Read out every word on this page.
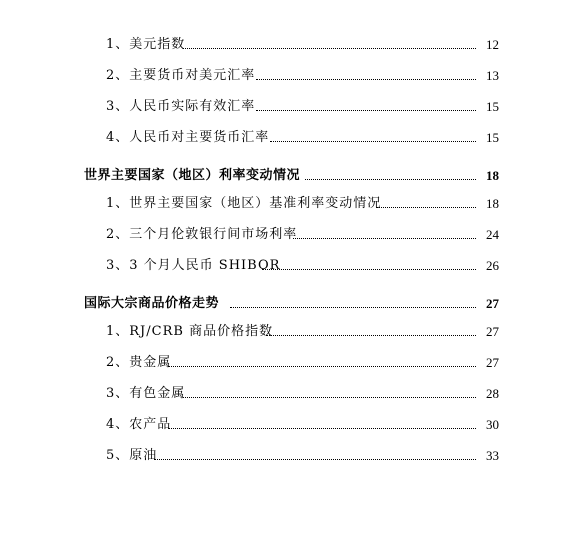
1、美元指数	12
2、主要货币对美元汇率	13
3、人民币实际有效汇率	15
4、人民币对主要货币汇率	15
世界主要国家（地区）利率变动情况	18
1、世界主要国家（地区）基准利率变动情况	18
2、三个月伦敦银行间市场利率	24
3、3 个月人民币 SHIBOR	26
国际大宗商品价格走势	27
1、RJ/CRB 商品价格指数	27
2、贵金属	27
3、有色金属	28
4、农产品	30
5、原油	33
